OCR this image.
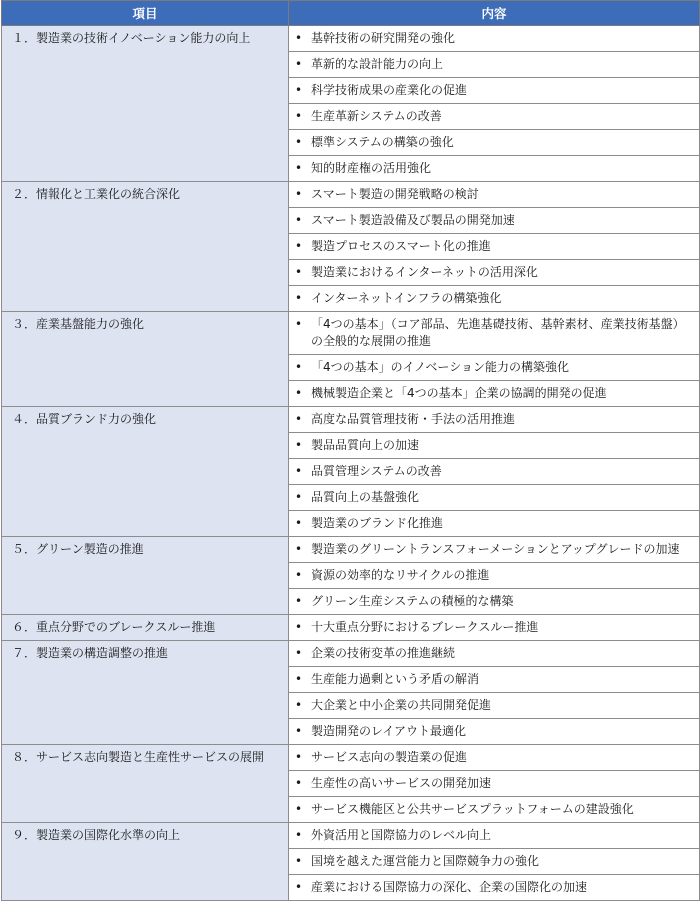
項目	内容

１．製造業の技術イノベーション能力の向上	• 基幹技術の研究開発の強化

	• 革新的な設計能力の向上

	• 科学技術成果の産業化の促進

	• 生産革新システムの改善

	• 標準システムの構築の強化

	• 知的財産権の活用強化

２．情報化と工業化の統合深化	• スマート製造の開発戦略の検討

	• スマート製造設備及び製品の開発加速

	• 製造プロセスのスマート化の推進

	• 製造業におけるインターネットの活用深化

	• インターネットインフラの構築強化

３．産業基盤能力の強化	• 「4つの基本」（コア部品、先進基礎技術、基幹素材、産業技術基盤）の全般的な展開の推進

	• 「4つの基本」のイノベーション能力の構築強化

	• 機械製造企業と「4つの基本」企業の協調的開発の促進

４．品質ブランド力の強化	• 高度な品質管理技術・手法の活用推進

	• 製品品質向上の加速

	• 品質管理システムの改善

	• 品質向上の基盤強化

	• 製造業のブランド化推進

５．グリーン製造の推進	• 製造業のグリーントランスフォーメーションとアップグレードの加速

	• 資源の効率的なリサイクルの推進

	• グリーン生産システムの積極的な構築

６．重点分野でのブレークスルー推進	• 十大重点分野におけるブレークスルー推進

７．製造業の構造調整の推進	• 企業の技術変革の推進継続

	• 生産能力過剰という矛盾の解消

	• 大企業と中小企業の共同開発促進

	• 製造開発のレイアウト最適化

８．サービス志向製造と生産性サービスの展開	• サービス志向の製造業の促進

	• 生産性の高いサービスの開発加速

	• サービス機能区と公共サービスプラットフォームの建設強化

９．製造業の国際化水準の向上	• 外資活用と国際協力のレベル向上

	• 国境を越えた運営能力と国際競争力の強化

	• 産業における国際協力の深化、企業の国際化の加速
